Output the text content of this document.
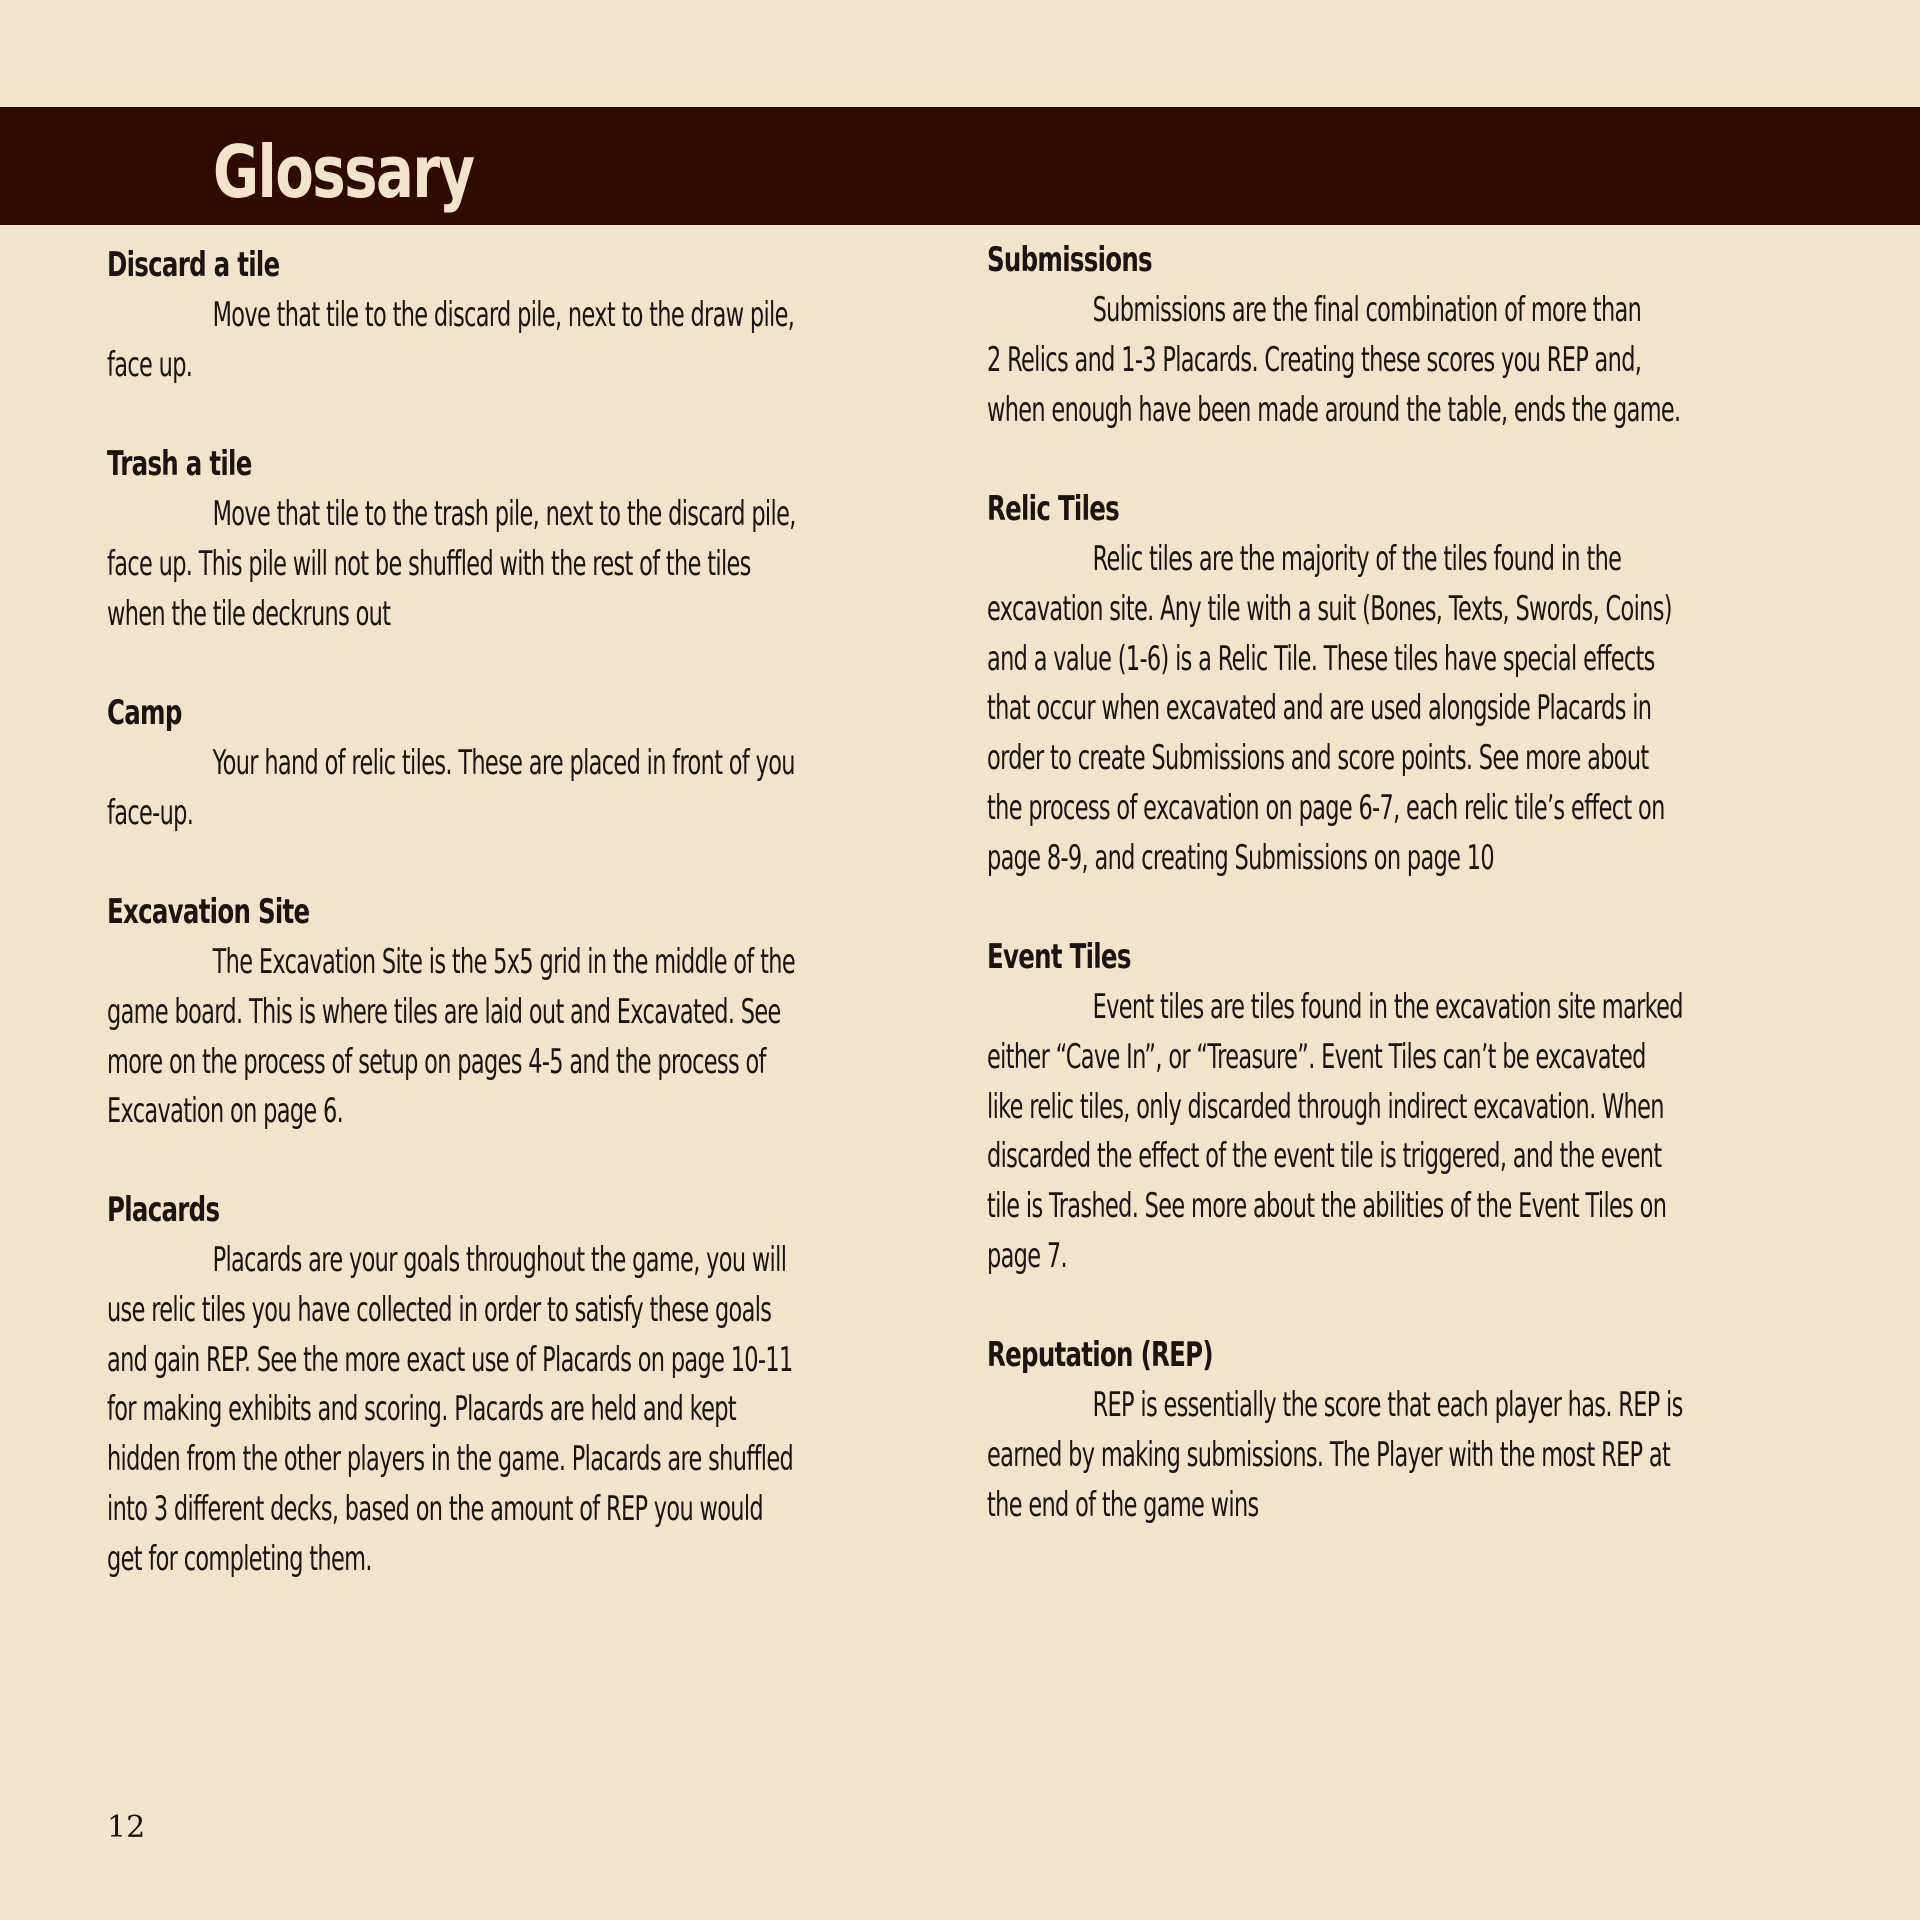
Glossary
Discard a tile
Move that tile to the discard pile, next to the draw pile,
face up.
Trash a tile
Move that tile to the trash pile, next to the discard pile,
face up. This pile will not be shuffled with the rest of the tiles
when the tile deckruns out
Camp
Your hand of relic tiles. These are placed in front of you
face-up.
Excavation Site
The Excavation Site is the 5x5 grid in the middle of the
game board. This is where tiles are laid out and Excavated. See
more on the process of setup on pages 4-5 and the process of
Excavation on page 6.
Placards
Placards are your goals throughout the game, you will
use relic tiles you have collected in order to satisfy these goals
and gain REP. See the more exact use of Placards on page 10-11
for making exhibits and scoring. Placards are held and kept
hidden from the other players in the game. Placards are shuffled
into 3 different decks, based on the amount of REP you would
get for completing them.
Submissions
Submissions are the final combination of more than
2 Relics and 1-3 Placards. Creating these scores you REP and,
when enough have been made around the table, ends the game.
Relic Tiles
Relic tiles are the majority of the tiles found in the
excavation site. Any tile with a suit (Bones, Texts, Swords, Coins)
and a value (1-6) is a Relic Tile. These tiles have special effects
that occur when excavated and are used alongside Placards in
order to create Submissions and score points. See more about
the process of excavation on page 6-7, each relic tile’s effect on
page 8-9, and creating Submissions on page 10
Event Tiles
Event tiles are tiles found in the excavation site marked
either “Cave In”, or “Treasure”. Event Tiles can’t be excavated
like relic tiles, only discarded through indirect excavation. When
discarded the effect of the event tile is triggered, and the event
tile is Trashed. See more about the abilities of the Event Tiles on
page 7.
Reputation (REP)
REP is essentially the score that each player has. REP is
earned by making submissions. The Player with the most REP at
the end of the game wins
12
